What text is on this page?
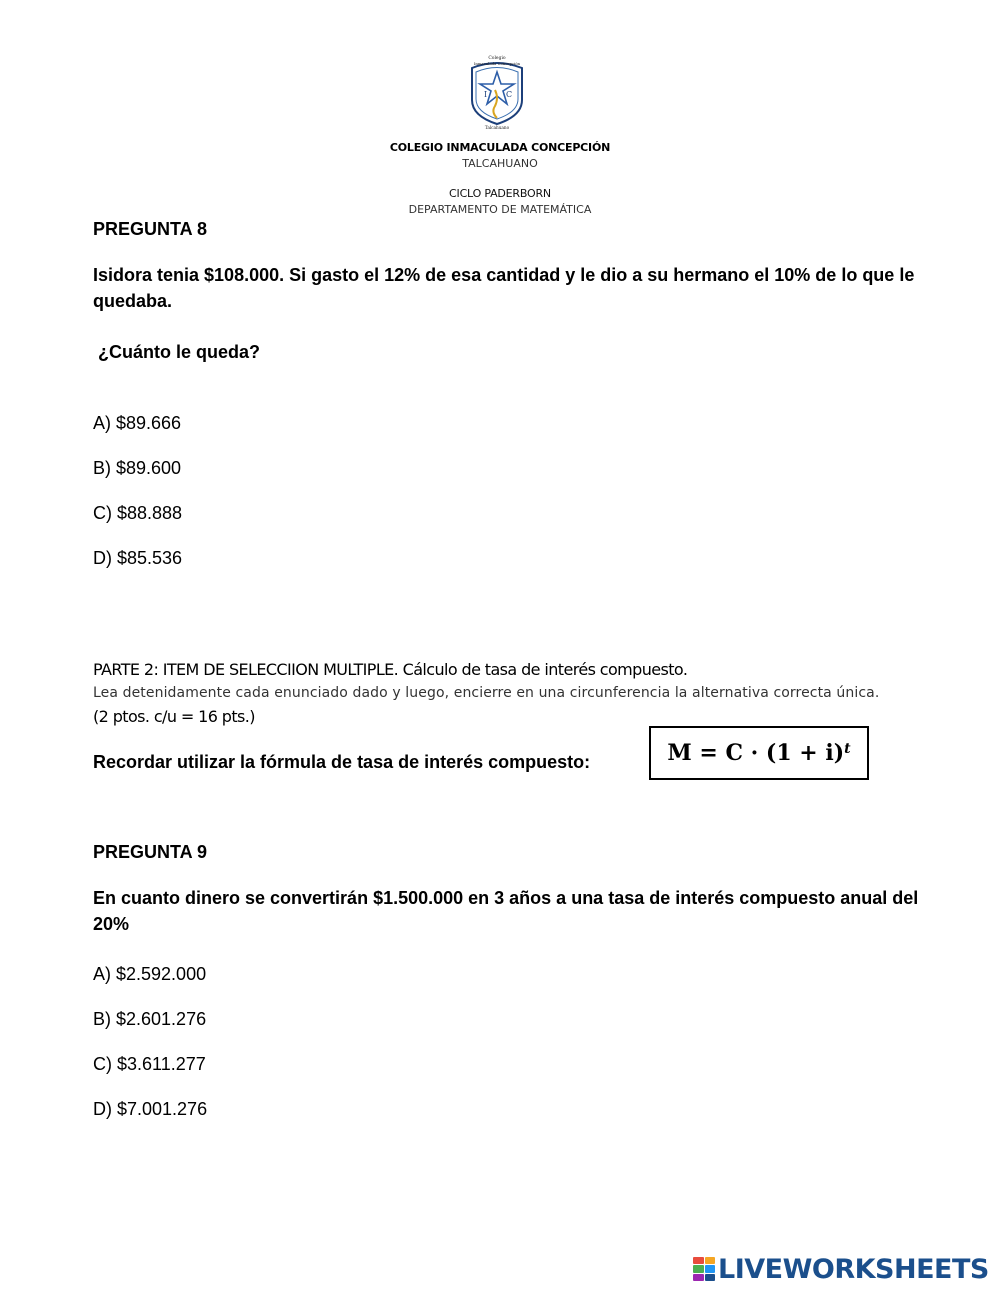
I C
Colegio
Inmaculada Concepción
Talcahuano
COLEGIO INMACULADA CONCEPCIÓN
TALCAHUANO
CICLO PADERBORN
DEPARTAMENTO DE MATEMÁTICA
PREGUNTA 8
Isidora tenia $108.000. Si gasto el 12% de esa cantidad y le dio a su hermano el 10% de lo que le quedaba.
¿Cuánto le queda?
A) $89.666
B) $89.600
C) $88.888
D) $85.536
PARTE 2: ITEM DE SELECCIION MULTIPLE. Cálculo de tasa de interés compuesto.
Lea detenidamente cada enunciado dado y luego, encierre en una circunferencia la alternativa correcta única.
(2 ptos. c/u = 16 pts.)
Recordar utilizar la fórmula de tasa de interés compuesto:	$M = C \cdot (1 + i)^t$
PREGUNTA 9
En cuanto dinero se convertirán $1.500.000 en 3 años a una tasa de interés compuesto anual del 20%
A) $2.592.000
B) $2.601.276
C) $3.611.277
D) $7.001.276
LIVEWORKSHEETS
